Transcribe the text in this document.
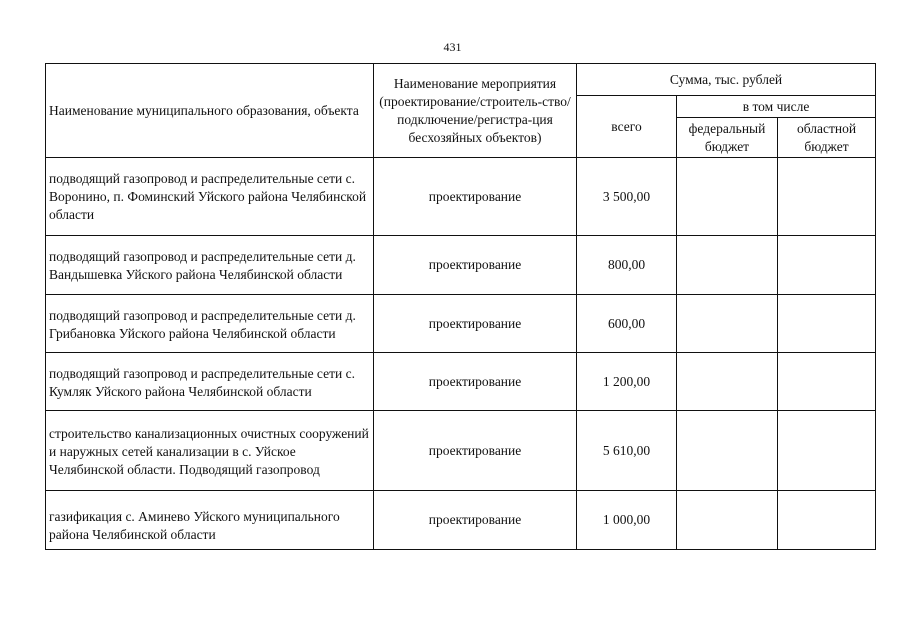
431
Наименование муниципального образования, объекта	Наименование мероприятия (проектирование/строитель-ство/подключение/регистра-ция бесхозяйных объектов)	Сумма, тыс. рублей		
		всего	в том числе	
			федеральный бюджет	областной бюджет
подводящий газопровод и распределительные сети с. Воронино, п. Фоминский Уйского района Челябинской области	проектирование	3 500,00		
подводящий газопровод и распределительные сети д. Вандышевка Уйского района Челябинской области	проектирование	800,00		
подводящий газопровод и распределительные сети д. Грибановка Уйского района Челябинской области	проектирование	600,00		
подводящий газопровод и распределительные сети с. Кумляк Уйского района Челябинской области	проектирование	1 200,00		
строительство канализационных очистных сооружений и наружных сетей канализации в с. Уйское Челябинской области. Подводящий газопровод	проектирование	5 610,00		
газификация с. Аминево Уйского муниципального района Челябинской области	проектирование	1 000,00		
